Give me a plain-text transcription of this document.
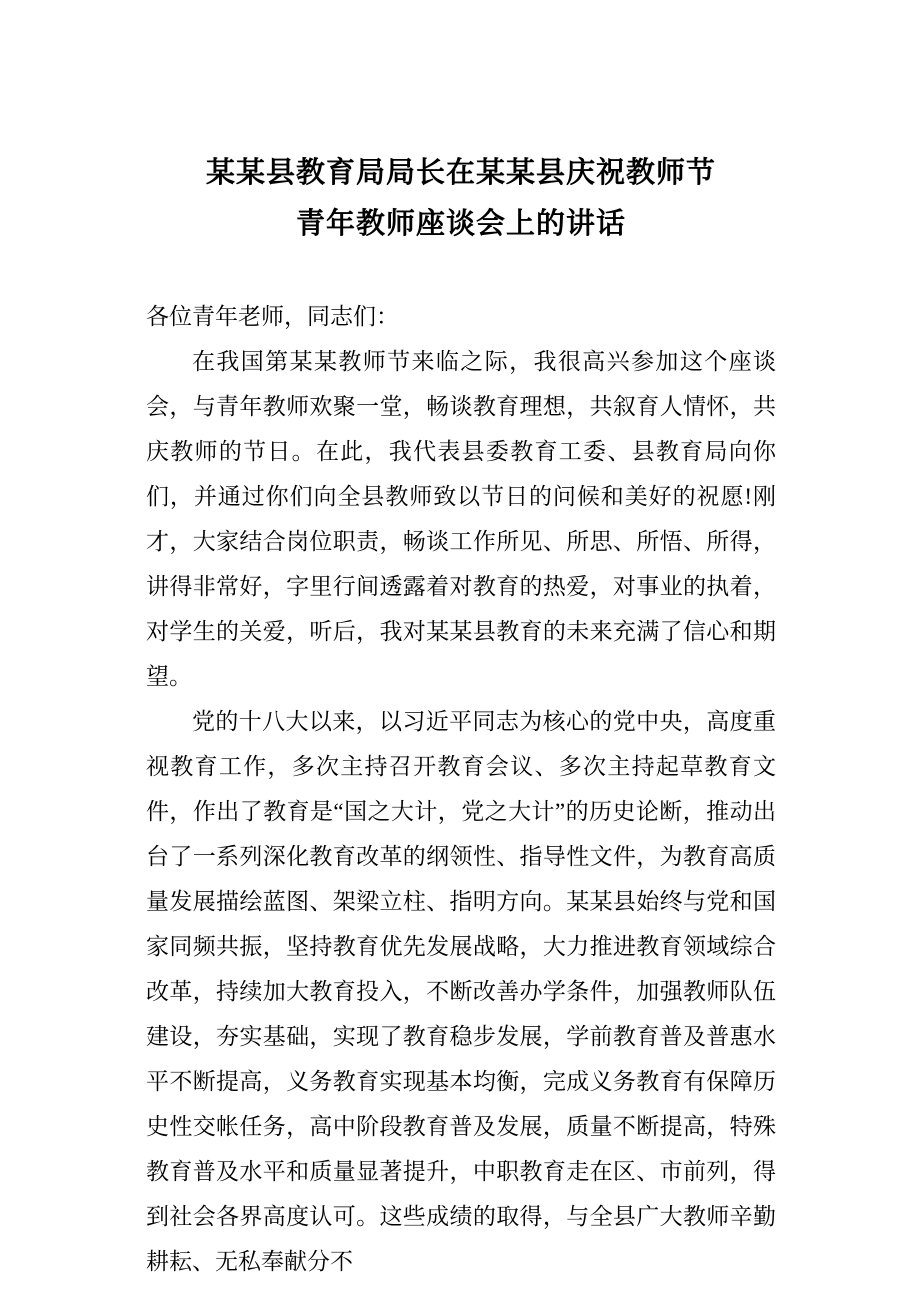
某某县教育局局长在某某县庆祝教师节
青年教师座谈会上的讲话

各位青年老师，同志们：

在我国第某某教师节来临之际，我很高兴参加这个座谈会，与青年教师欢聚一堂，畅谈教育理想，共叙育人情怀，共庆教师的节日。在此，我代表县委教育工委、县教育局向你们，并通过你们向全县教师致以节日的问候和美好的祝愿!刚才，大家结合岗位职责，畅谈工作所见、所思、所悟、所得，讲得非常好，字里行间透露着对教育的热爱，对事业的执着，对学生的关爱，听后，我对某某县教育的未来充满了信心和期望。

党的十八大以来，以习近平同志为核心的党中央，高度重视教育工作，多次主持召开教育会议、多次主持起草教育文件，作出了教育是“国之大计，党之大计”的历史论断，推动出台了一系列深化教育改革的纲领性、指导性文件，为教育高质量发展描绘蓝图、架梁立柱、指明方向。某某县始终与党和国家同频共振，坚持教育优先发展战略，大力推进教育领域综合改革，持续加大教育投入，不断改善办学条件，加强教师队伍建设，夯实基础，实现了教育稳步发展，学前教育普及普惠水平不断提高，义务教育实现基本均衡，完成义务教育有保障历史性交帐任务，高中阶段教育普及发展，质量不断提高，特殊教育普及水平和质量显著提升，中职教育走在区、市前列，得到社会各界高度认可。这些成绩的取得，与全县广大教师辛勤耕耘、无私奉献分不
